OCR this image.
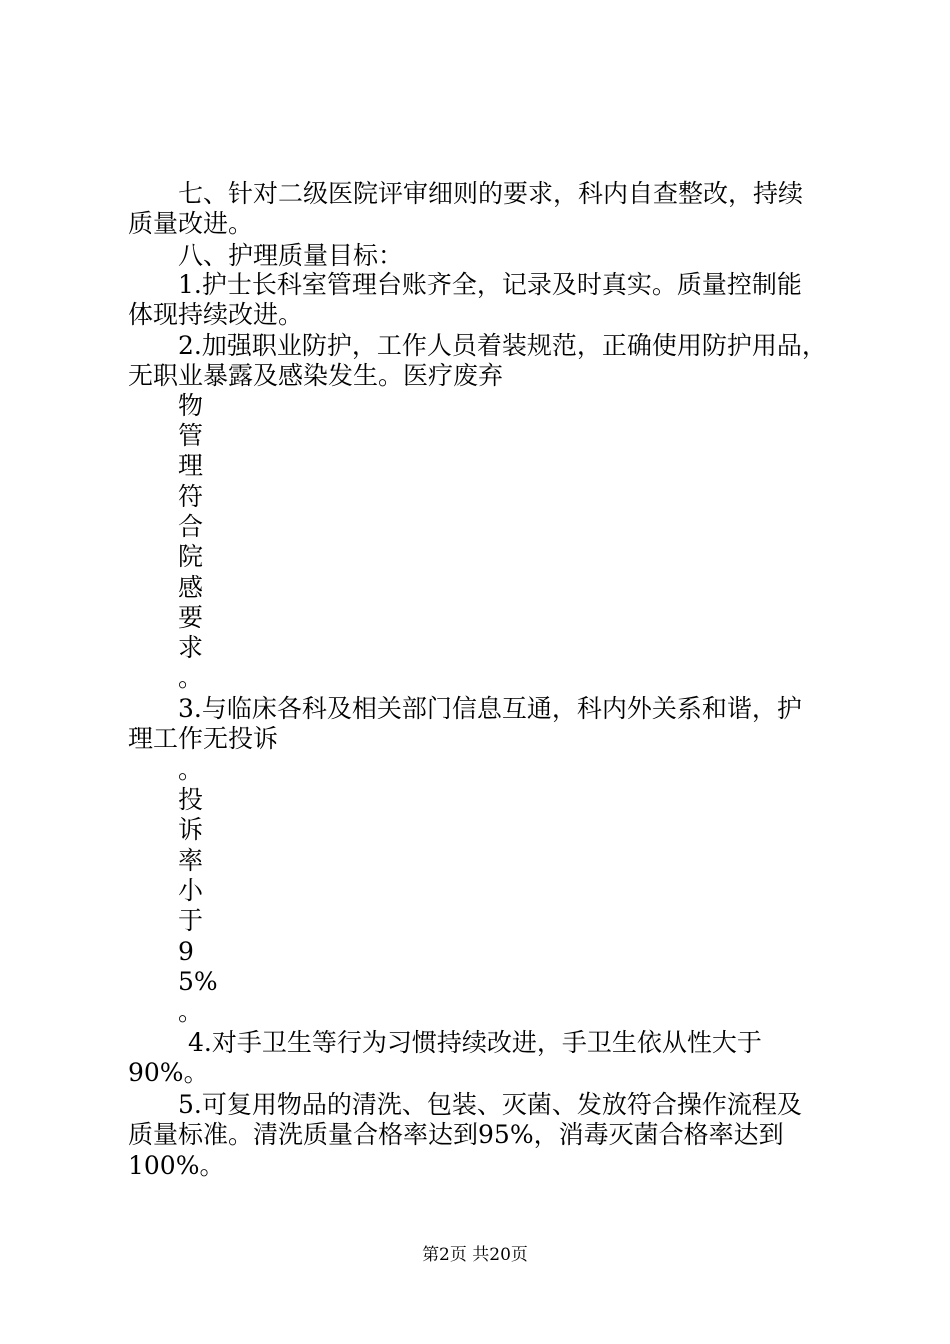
七、针对二级医院评审细则的要求，科内自查整改，持续
质量改进。
八、护理质量目标：
1.护士长科室管理台账齐全，记录及时真实。质量控制能
体现持续改进。
2.加强职业防护，工作人员着装规范，正确使用防护用品，
无职业暴露及感染发生。医疗废弃
物
管
理
符
合
院
感
要
求
。
3.与临床各科及相关部门信息互通，科内外关系和谐，护
理工作无投诉
。
投
诉
率
小
于
9
5%
。
4.对手卫生等行为习惯持续改进，手卫生依从性大于
90%。
5.可复用物品的清洗、包装、灭菌、发放符合操作流程及
质量标准。清洗质量合格率达到95%，消毒灭菌合格率达到
100%。
第2页 共20页
